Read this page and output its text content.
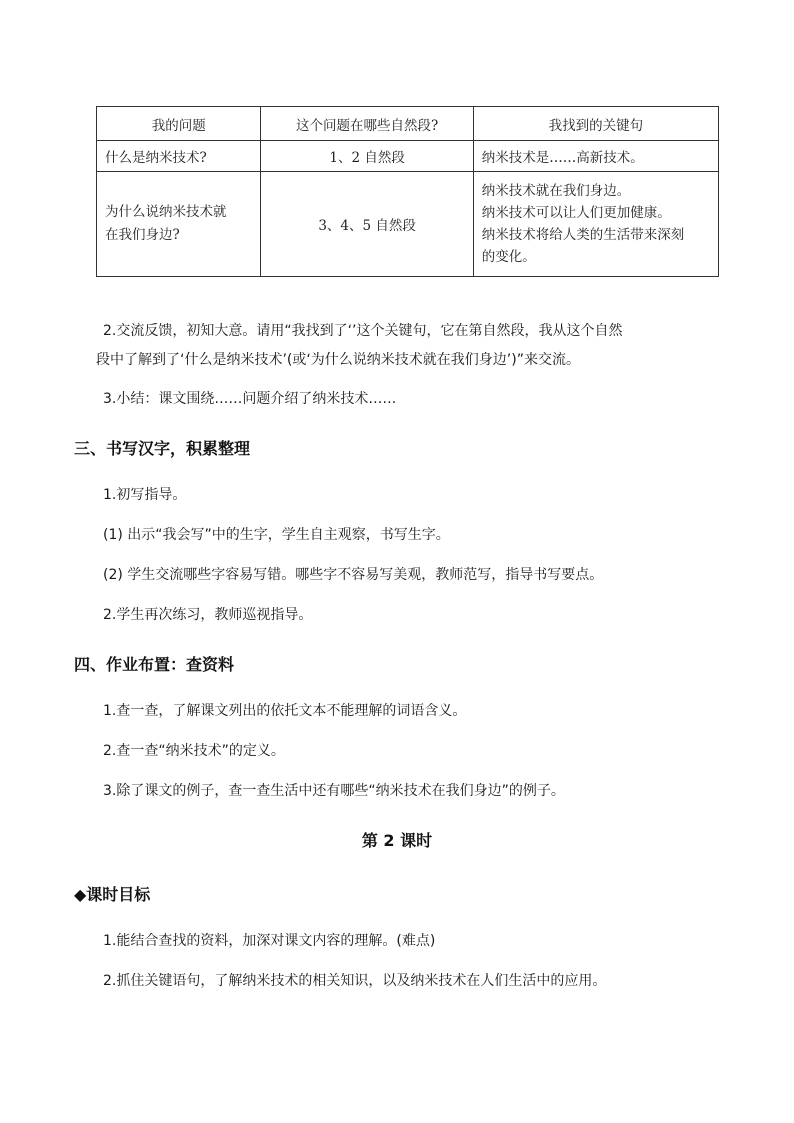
我的问题	这个问题在哪些自然段?	我找到的关键句
什么是纳米技术?	1、2 自然段	纳米技术是……高新技术。

为什么说纳米技术就
在我们身边?	3、4、5 自然段	纳米技术就在我们身边。
纳米技术可以让人们更加健康。
纳米技术将给人类的生活带来深刻
的变化。
2.交流反馈，初知大意。请用“我找到了‘’这个关键句，它在第自然段，我从这个自然
段中了解到了‘什么是纳米技术’(或‘为什么说纳米技术就在我们身边’)”来交流。
3.小结：课文围绕……问题介绍了纳米技术……
三、书写汉字，积累整理
1.初写指导。
(1) 出示“我会写”中的生字，学生自主观察，书写生字。
(2) 学生交流哪些字容易写错。哪些字不容易写美观，教师范写，指导书写要点。
2.学生再次练习，教师巡视指导。
四、作业布置：查资料
1.查一查，了解课文列出的依托文本不能理解的词语含义。
2.查一查“纳米技术”的定义。
3.除了课文的例子，查一查生活中还有哪些“纳米技术在我们身边”的例子。
第 2 课时
◆课时目标
1.能结合查找的资料，加深对课文内容的理解。(难点)
2.抓住关键语句，了解纳米技术的相关知识，以及纳米技术在人们生活中的应用。
